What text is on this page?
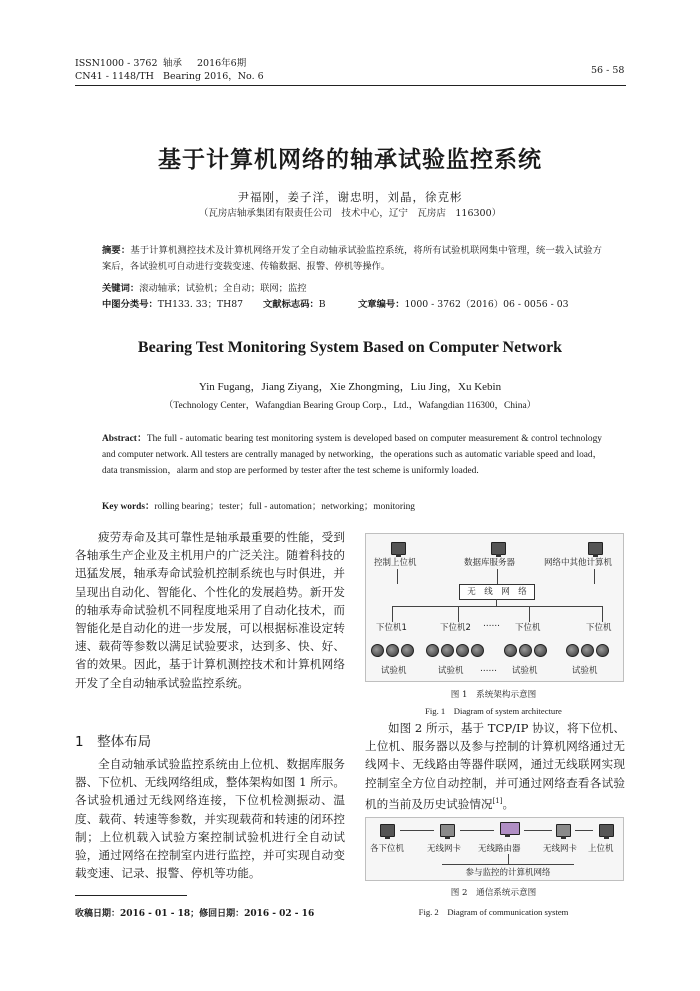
ISSN1000 - 3762
CN41 - 1148/TH
轴承 2016年6期
Bearing 2016，No. 6
56 - 58
基于计算机网络的轴承试验监控系统
尹福刚，姜子洋，谢忠明，刘晶，徐克彬
（瓦房店轴承集团有限责任公司　技术中心，辽宁　瓦房店　116300）
摘要：基于计算机测控技术及计算机网络开发了全自动轴承试验监控系统，将所有试验机联网集中管理，统一载入试验方案后，各试验机可自动进行变载变速、传输数据、报警、停机等操作。
关键词：滚动轴承；试验机；全自动；联网；监控
中图分类号：TH133. 33；TH87 文献标志码：B	文章编号：1000 - 3762（2016）06 - 0056 - 03
Bearing Test Monitoring System Based on Computer Network
Yin Fugang，Jiang Ziyang，Xie Zhongming，Liu Jing，Xu Kebin
（Technology Center，Wafangdian Bearing Group Corp.，Ltd.，Wafangdian 116300，China）
Abstract：The full - automatic bearing test monitoring system is developed based on computer measurement & control technology and computer network. All testers are centrally managed by networking，the operations such as automatic variable speed and load，data transmission，alarm and stop are performed by tester after the test scheme is uniformly loaded.
Key words：rolling bearing；tester；full - automation；networking；monitoring
疲劳寿命及其可靠性是轴承最重要的性能，受到各轴承生产企业及主机用户的广泛关注。随着科技的迅猛发展，轴承寿命试验机控制系统也与时俱进，并呈现出自动化、智能化、个性化的发展趋势。新开发的轴承寿命试验机不同程度地采用了自动化技术，而智能化是自动化的进一步发展，可以根据标准设定转速、载荷等参数以满足试验要求，达到多、快、好、省的效果。因此，基于计算机测控技术和计算机网络开发了全自动轴承试验监控系统。
1　整体布局
全自动轴承试验监控系统由上位机、数据库服务器、下位机、无线网络组成，整体架构如图 1 所示。各试验机通过无线网络连接，下位机检测振动、温度、载荷、转速等参数，并实现载荷和转速的闭环控制；上位机载入试验方案控制试验机进行全自动试验，通过网络在控制室内进行监控，并可实现自动变载变速、记录、报警、停机等功能。
收稿日期：2016 - 01 - 18；修回日期：2016 - 02 - 16
控制上位机	数据库服务器	网络中其他计算机
无　线　网　络
下位机1	下位机2 …… 下位机	下位机
试验机	试验机 …… 试验机	试验机
图 1　系统架构示意图
Fig. 1　Diagram of system architecture
如图 2 所示，基于 TCP/IP 协议，将下位机、上位机、服务器以及参与控制的计算机网络通过无线网卡、无线路由等器件联网，通过无线联网实现控制室全方位自动控制，并可通过网络查看各试验机的当前及历史试验情况[1]。
各下位机	无线网卡 无线路由器	无线网卡 上位机
参与监控的计算机网络
图 2　通信系统示意图
Fig. 2　Diagram of communication system
